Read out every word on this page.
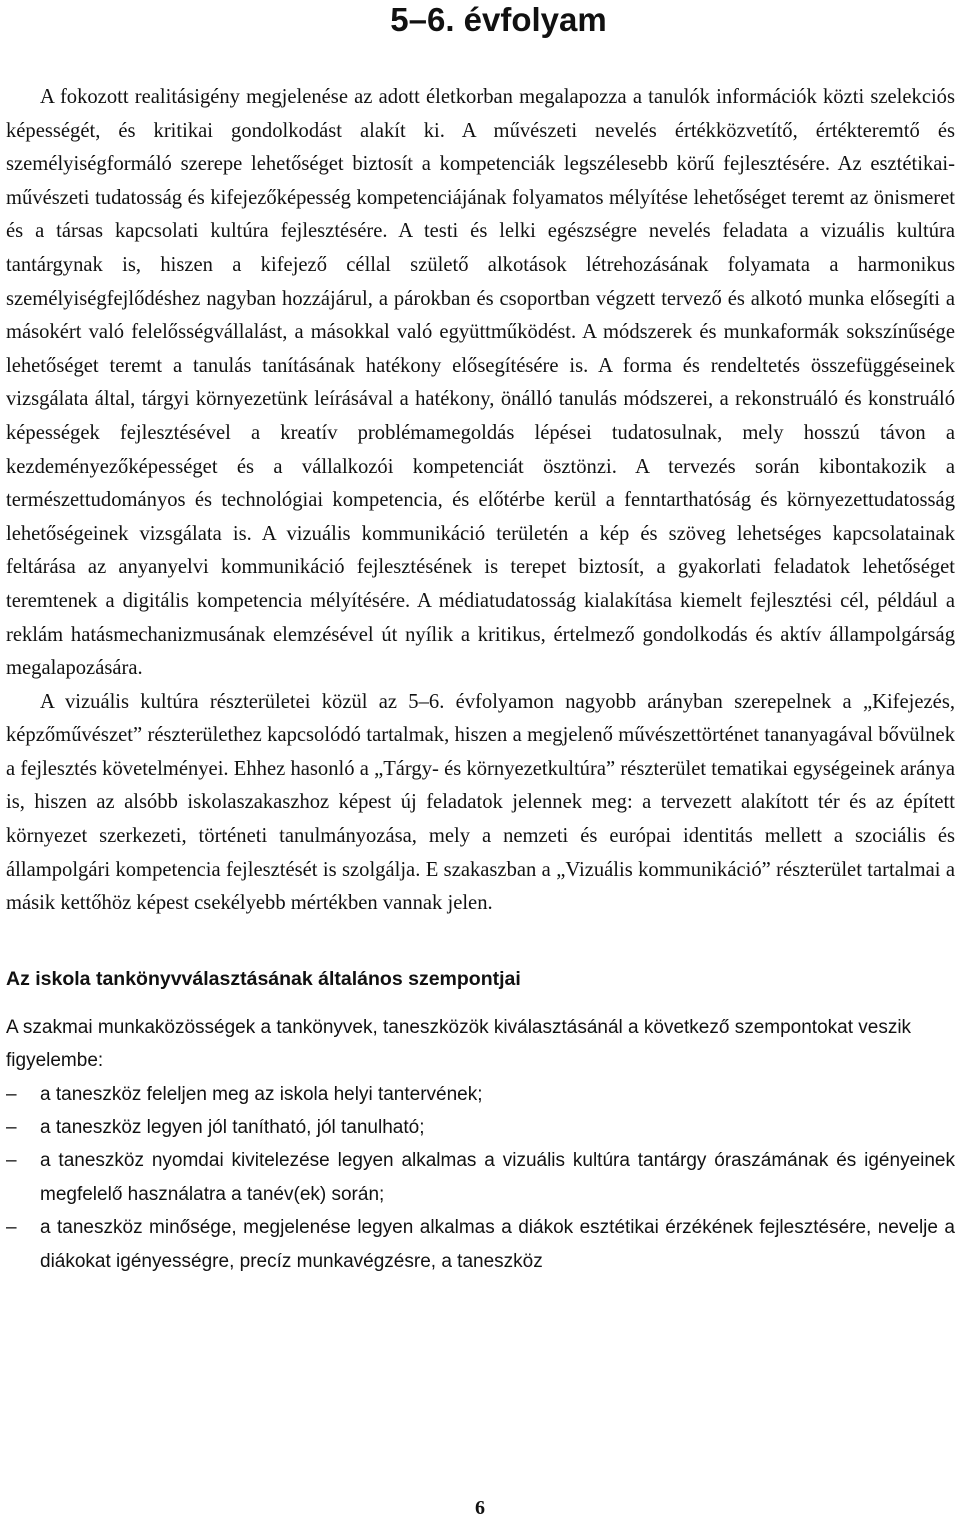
5–6. évfolyam

A fokozott realitásigény megjelenése az adott életkorban megalapozza a tanulók információk közti szelekciós képességét, és kritikai gondolkodást alakít ki. A művészeti nevelés értékközvetítő, értékteremtő és személyiségformáló szerepe lehetőséget biztosít a kompetenciák legszélesebb körű fejlesztésére. Az esztétikai-művészeti tudatosság és kifejezőképesség kompetenciájának folyamatos mélyítése lehetőséget teremt az önismeret és a társas kapcsolati kultúra fejlesztésére. A testi és lelki egészségre nevelés feladata a vizuális kultúra tantárgynak is, hiszen a kifejező céllal születő alkotások létrehozásának folyamata a harmonikus személyiségfejlődéshez nagyban hozzájárul, a párokban és csoportban végzett tervező és alkotó munka elősegíti a másokért való felelősségvállalást, a másokkal való együttműködést. A módszerek és munkaformák sokszínűsége lehetőséget teremt a tanulás tanításának hatékony elősegítésére is. A forma és rendeltetés összefüggéseinek vizsgálata által, tárgyi környezetünk leírásával a hatékony, önálló tanulás módszerei, a rekonstruáló és konstruáló képességek fejlesztésével a kreatív problémamegoldás lépései tudatosulnak, mely hosszú távon a kezdeményezőképességet és a vállalkozói kompetenciát ösztönzi. A tervezés során kibontakozik a természettudományos és technológiai kompetencia, és előtérbe kerül a fenntarthatóság és környezettudatosság lehetőségeinek vizsgálata is. A vizuális kommunikáció területén a kép és szöveg lehetséges kapcsolatainak feltárása az anyanyelvi kommunikáció fejlesztésének is terepet biztosít, a gyakorlati feladatok lehetőséget teremtenek a digitális kompetencia mélyítésére. A médiatudatosság kialakítása kiemelt fejlesztési cél, például a reklám hatásmechanizmusának elemzésével út nyílik a kritikus, értelmező gondolkodás és aktív állampolgárság megalapozására.

A vizuális kultúra részterületei közül az 5–6. évfolyamon nagyobb arányban szerepelnek a „Kifejezés, képzőművészet” részterülethez kapcsolódó tartalmak, hiszen a megjelenő művészettörténet tananyagával bővülnek a fejlesztés követelményei. Ehhez hasonló a „Tárgy- és környezetkultúra” részterület tematikai egységeinek aránya is, hiszen az alsóbb iskolaszakaszhoz képest új feladatok jelennek meg: a tervezett alakított tér és az épített környezet szerkezeti, történeti tanulmányozása, mely a nemzeti és európai identitás mellett a szociális és állampolgári kompetencia fejlesztését is szolgálja. E szakaszban a „Vizuális kommunikáció” részterület tartalmai a másik kettőhöz képest csekélyebb mértékben vannak jelen.

Az iskola tankönyvválasztásának általános szempontjai

A szakmai munkaközösségek a tankönyvek, taneszközök kiválasztásánál a következő szempontokat veszik figyelembe:

– a taneszköz feleljen meg az iskola helyi tantervének;
– a taneszköz legyen jól tanítható, jól tanulható;
– a taneszköz nyomdai kivitelezése legyen alkalmas a vizuális kultúra tantárgy óraszámának és igényeinek megfelelő használatra a tanév(ek) során;
– a taneszköz minősége, megjelenése legyen alkalmas a diákok esztétikai érzékének fejlesztésére, nevelje a diákokat igényességre, precíz munkavégzésre, a taneszköz
6
